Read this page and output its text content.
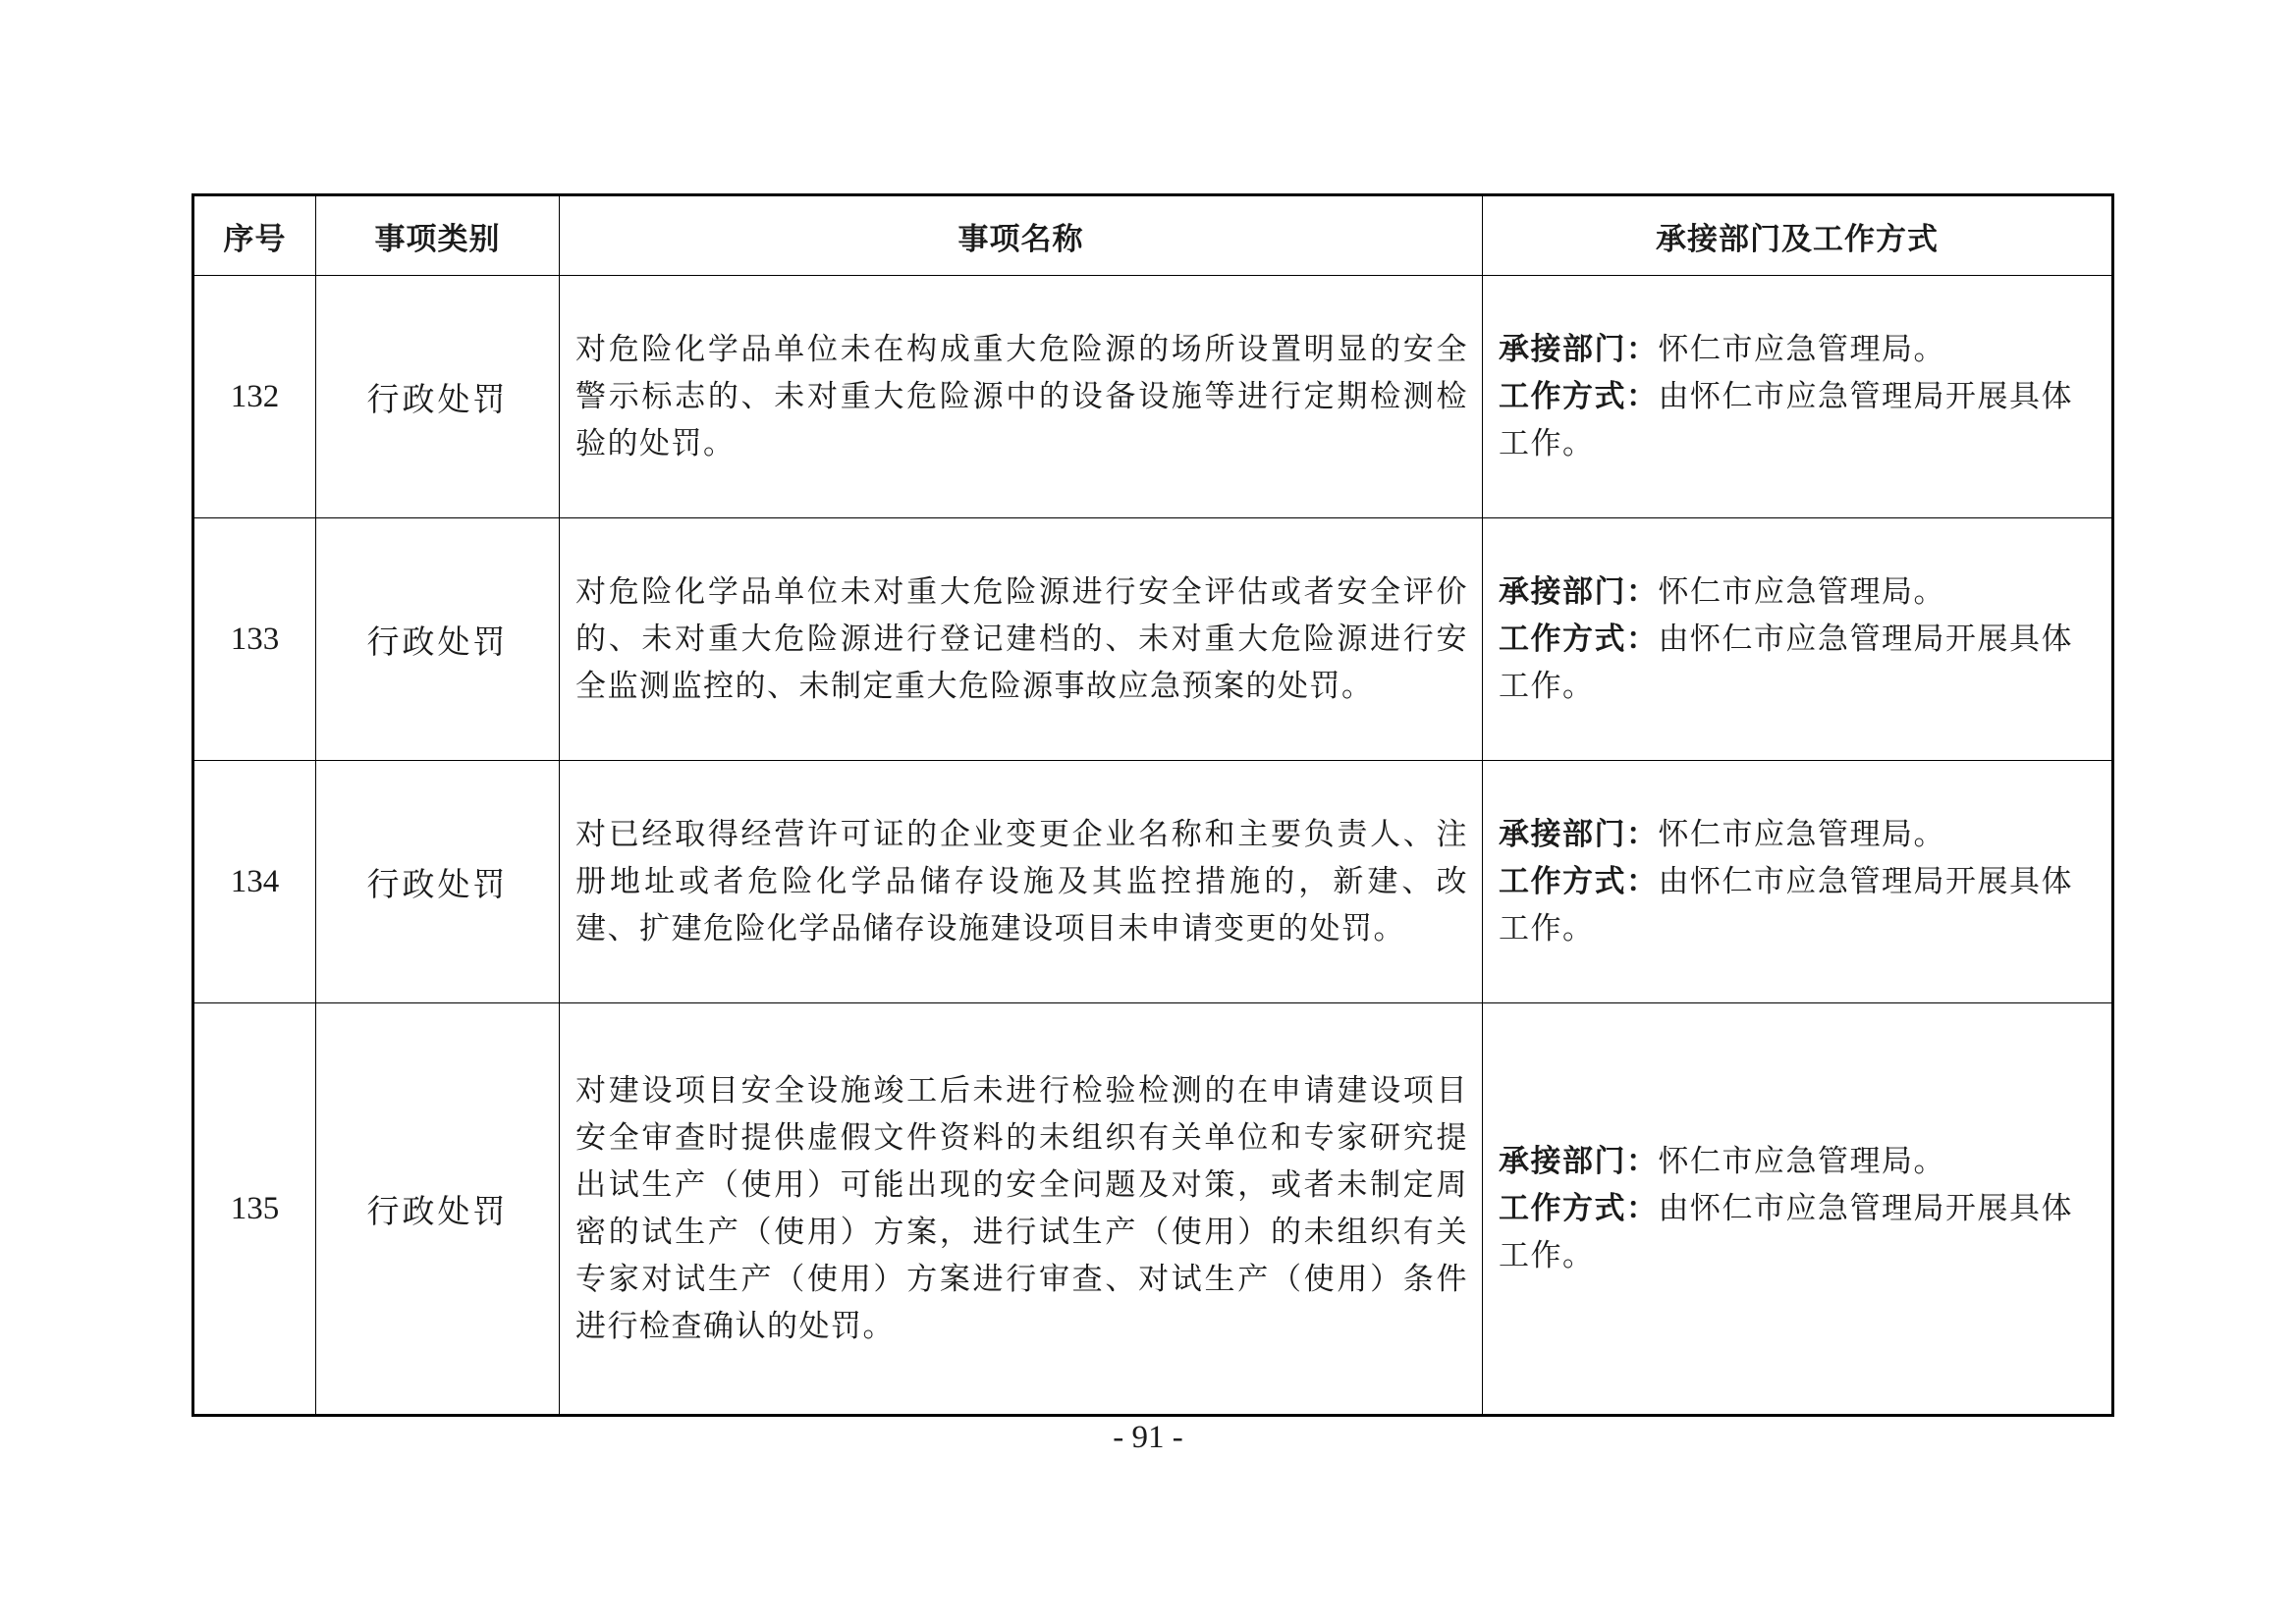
序号	事项类别	事项名称	承接部门及工作方式
132	行政处罚	对危险化学品单位未在构成重大危险源的场所设置明显的安全警示标志的、未对重大危险源中的设备设施等进行定期检测检验的处罚。	承接部门：怀仁市应急管理局。
工作方式：由怀仁市应急管理局开展具体工作。

133	行政处罚	对危险化学品单位未对重大危险源进行安全评估或者安全评价的、未对重大危险源进行登记建档的、未对重大危险源进行安全监测监控的、未制定重大危险源事故应急预案的处罚。	承接部门：怀仁市应急管理局。
工作方式：由怀仁市应急管理局开展具体工作。

134	行政处罚	对已经取得经营许可证的企业变更企业名称和主要负责人、注册地址或者危险化学品储存设施及其监控措施的，新建、改建、扩建危险化学品储存设施建设项目未申请变更的处罚。	承接部门：怀仁市应急管理局。
工作方式：由怀仁市应急管理局开展具体工作。

135	行政处罚	对建设项目安全设施竣工后未进行检验检测的在申请建设项目安全审查时提供虚假文件资料的未组织有关单位和专家研究提出试生产（使用）可能出现的安全问题及对策，或者未制定周密的试生产（使用）方案，进行试生产（使用）的未组织有关专家对试生产（使用）方案进行审查、对试生产（使用）条件进行检查确认的处罚。	承接部门：怀仁市应急管理局。
工作方式：由怀仁市应急管理局开展具体工作。
- 91 -
